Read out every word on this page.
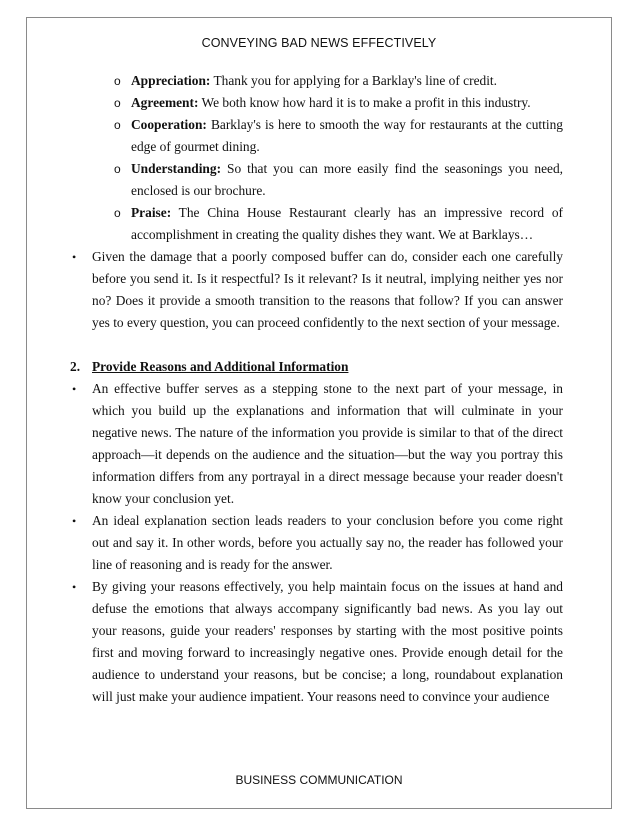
CONVEYING BAD NEWS EFFECTIVELY
o Appreciation: Thank you for applying for a Barklay's line of credit.
o Agreement: We both know how hard it is to make a profit in this industry.
o Cooperation: Barklay's is here to smooth the way for restaurants at the cutting edge of gourmet dining.
o Understanding: So that you can more easily find the seasonings you need, enclosed is our brochure.
o Praise: The China House Restaurant clearly has an impressive record of accomplishment in creating the quality dishes they want. We at Barklays…
• Given the damage that a poorly composed buffer can do, consider each one carefully before you send it. Is it respectful? Is it relevant? Is it neutral, implying neither yes nor no? Does it provide a smooth transition to the reasons that follow? If you can answer yes to every question, you can proceed confidently to the next section of your message.
2. Provide Reasons and Additional Information
• An effective buffer serves as a stepping stone to the next part of your message, in which you build up the explanations and information that will culminate in your negative news. The nature of the information you provide is similar to that of the direct approach—it depends on the audience and the situation—but the way you portray this information differs from any portrayal in a direct message because your reader doesn't know your conclusion yet.
• An ideal explanation section leads readers to your conclusion before you come right out and say it. In other words, before you actually say no, the reader has followed your line of reasoning and is ready for the answer.
• By giving your reasons effectively, you help maintain focus on the issues at hand and defuse the emotions that always accompany significantly bad news. As you lay out your reasons, guide your readers' responses by starting with the most positive points first and moving forward to increasingly negative ones. Provide enough detail for the audience to understand your reasons, but be concise; a long, roundabout explanation will just make your audience impatient. Your reasons need to convince your audience
BUSINESS COMMUNICATION
